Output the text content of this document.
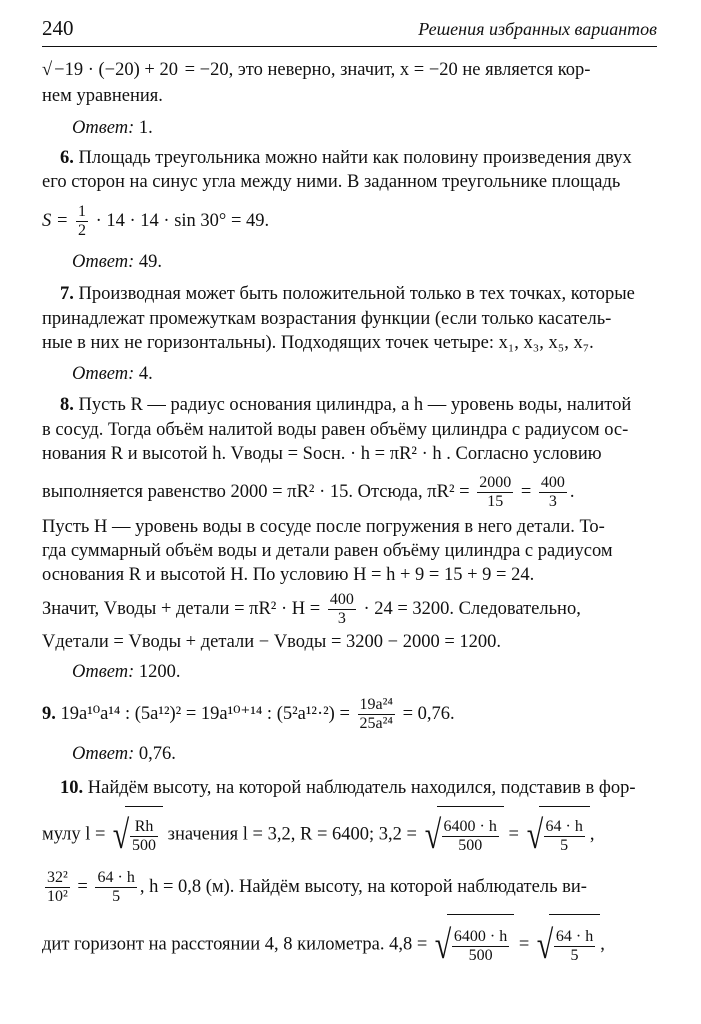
240	Решения избранных вариантов
√ −19 · (−20) + 20 = −20, это неверно, значит, x = −20 не является кор-
нем уравнения.
Ответ: 1.
6. Площадь треугольника можно найти как половину произведения двух
его сторон на синус угла между ними. В заданном треугольнике площадь
$S = \frac{1}{2} \cdot 14 \cdot 14 \cdot \sin 30^\circ = 49$.
Ответ: 49.
7. Производная может быть положительной только в тех точках, которые
принадлежат промежуткам возрастания функции (если только касатель-
ные в них не горизонтальны). Подходящих точек четыре: x₁, x₃, x₅, x₇.
Ответ: 4.
8. Пусть R — радиус основания цилиндра, а h — уровень воды, налитой
в сосуд. Тогда объём налитой воды равен объёму цилиндра с радиусом ос-
нования R и высотой h. Vводы = Sосн. · h = πR² · h . Согласно условию
выполняется равенство 2000 = πR² · 15. Отсюда, $\pi R^2 = \frac{2000}{15} = \frac{400}{3}$ .
Пусть H — уровень воды в сосуде после погружения в него детали. То-
гда суммарный объём воды и детали равен объёму цилиндра с радиусом
основания R и высотой H. По условию H = h + 9 = 15 + 9 = 24.
Значит, Vводы + детали = $\pi R^2 \cdot H = \frac{400}{3} \cdot 24 = 3200$. Следовательно,
Vдетали = Vводы + детали − Vводы = 3200 − 2000 = 1200.
Ответ: 1200.
9. 19a¹⁰a¹⁴ : (5a¹²)² = 19a¹⁰⁺¹⁴ : $(5^2a^{12}\cdot^2) = \frac{\text{19a²⁴}}{\text{25a²⁴}} = 0,76$.
Ответ: 0,76.
10. Найдём высоту, на которой наблюдатель находился, подставив в фор-
мулу l = √ $\frac{Rh}{500}$ значения l = 3,2, R = 6400; 3,2 = √ $\frac{6400 \cdot h}{500}$ = √ $\frac{64 \cdot h}{5}$ ,
$\frac{\text{32²}}{\text{10²}} = \frac{64 \cdot h}{5}$ , h = 0,8 (м). Найдём высоту, на которой наблюдатель ви-
дит горизонт на расстоянии 4, 8 километра. 4,8 = √ $\frac{6400 \cdot h}{500}$ = √ $\frac{64 \cdot h}{5}$ ,
